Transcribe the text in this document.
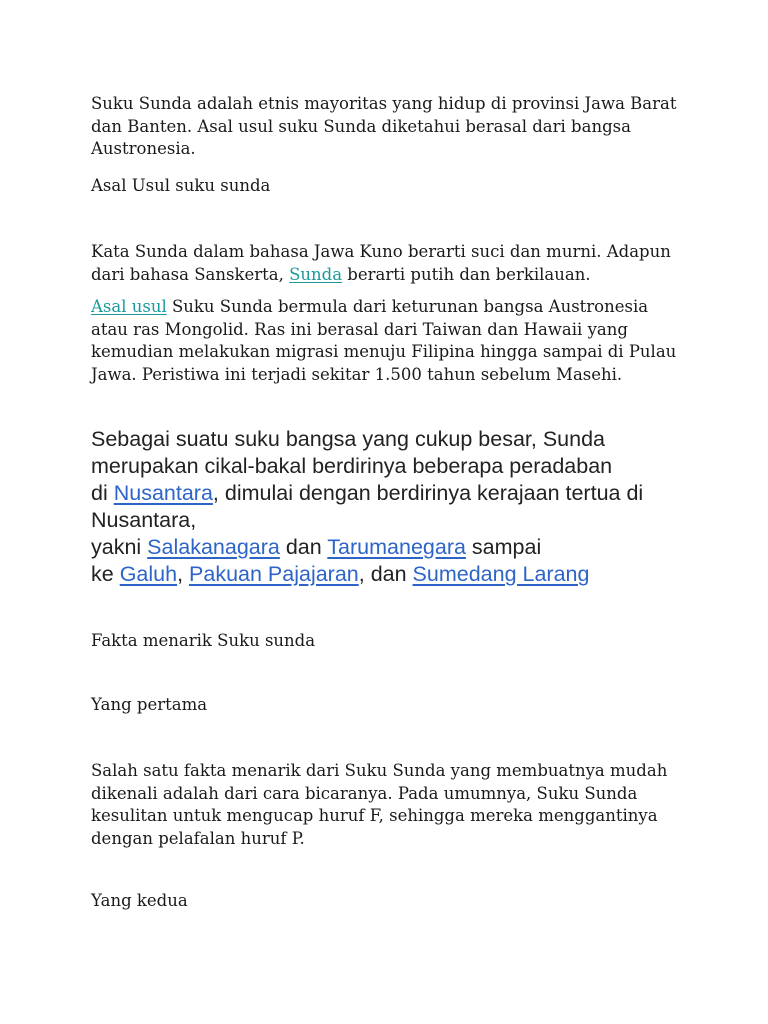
Suku Sunda adalah etnis mayoritas yang hidup di provinsi Jawa Barat
dan Banten. Asal usul suku Sunda diketahui berasal dari bangsa
Austronesia.
Asal Usul suku sunda
Kata Sunda dalam bahasa Jawa Kuno berarti suci dan murni. Adapun
dari bahasa Sanskerta, Sunda berarti putih dan berkilauan.
Asal usul Suku Sunda bermula dari keturunan bangsa Austronesia
atau ras Mongolid. Ras ini berasal dari Taiwan dan Hawaii yang
kemudian melakukan migrasi menuju Filipina hingga sampai di Pulau
Jawa. Peristiwa ini terjadi sekitar 1.500 tahun sebelum Masehi.
Sebagai suatu suku bangsa yang cukup besar, Sunda
merupakan cikal-bakal berdirinya beberapa peradaban
di Nusantara, dimulai dengan berdirinya kerajaan tertua di
Nusantara,
yakni Salakanagara dan Tarumanegara sampai
ke Galuh, Pakuan Pajajaran, dan Sumedang Larang
Fakta menarik Suku sunda
Yang pertama
Salah satu fakta menarik dari Suku Sunda yang membuatnya mudah
dikenali adalah dari cara bicaranya. Pada umumnya, Suku Sunda
kesulitan untuk mengucap huruf F, sehingga mereka menggantinya
dengan pelafalan huruf P.
Yang kedua
